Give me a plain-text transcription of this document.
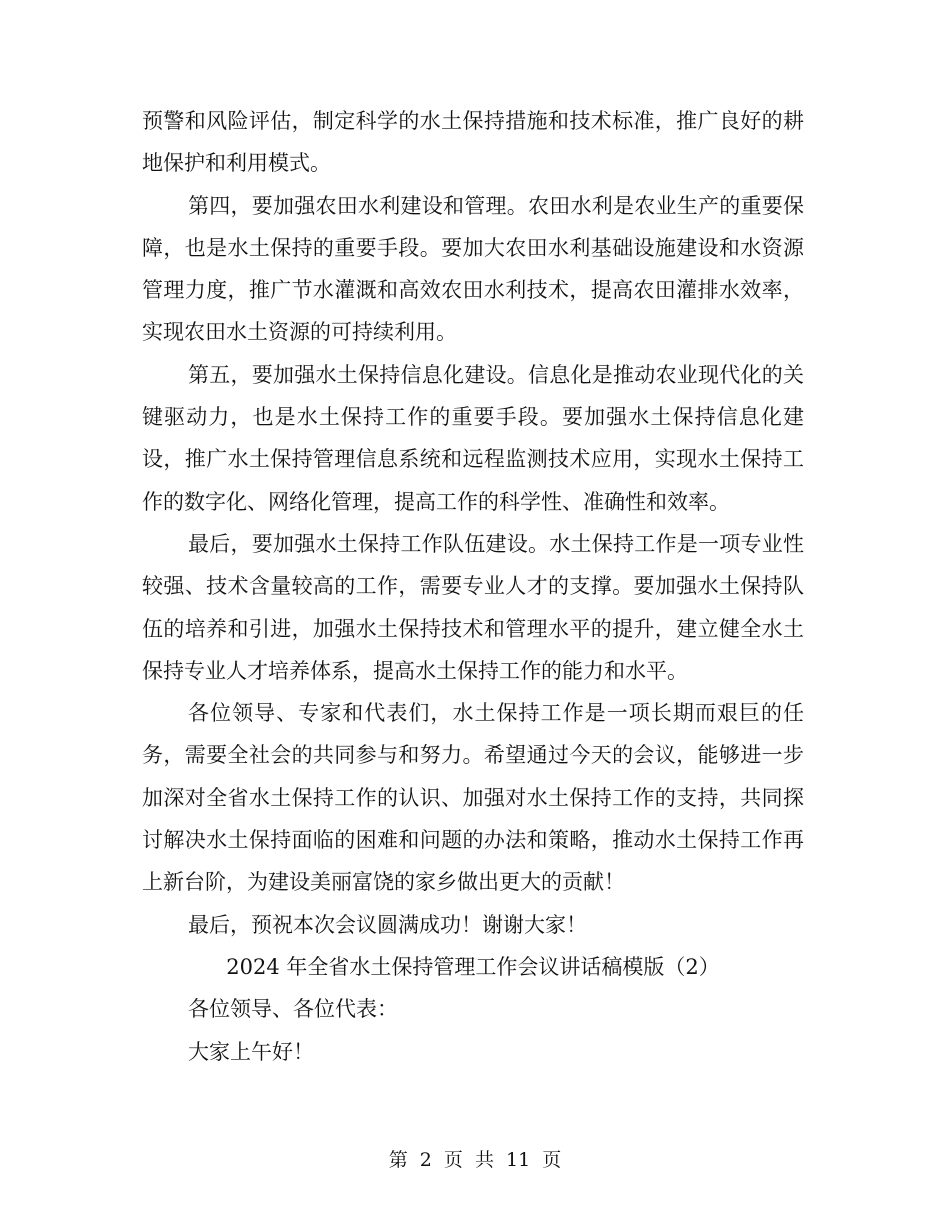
预警和风险评估，制定科学的水土保持措施和技术标准，推广良好的耕地保护和利用模式。

第四，要加强农田水利建设和管理。农田水利是农业生产的重要保障，也是水土保持的重要手段。要加大农田水利基础设施建设和水资源管理力度，推广节水灌溉和高效农田水利技术，提高农田灌排水效率，实现农田水土资源的可持续利用。

第五，要加强水土保持信息化建设。信息化是推动农业现代化的关键驱动力，也是水土保持工作的重要手段。要加强水土保持信息化建设，推广水土保持管理信息系统和远程监测技术应用，实现水土保持工作的数字化、网络化管理，提高工作的科学性、准确性和效率。

最后，要加强水土保持工作队伍建设。水土保持工作是一项专业性较强、技术含量较高的工作，需要专业人才的支撑。要加强水土保持队伍的培养和引进，加强水土保持技术和管理水平的提升，建立健全水土保持专业人才培养体系，提高水土保持工作的能力和水平。

各位领导、专家和代表们，水土保持工作是一项长期而艰巨的任务，需要全社会的共同参与和努力。希望通过今天的会议，能够进一步加深对全省水土保持工作的认识、加强对水土保持工作的支持，共同探讨解决水土保持面临的困难和问题的办法和策略，推动水土保持工作再上新台阶，为建设美丽富饶的家乡做出更大的贡献！

最后，预祝本次会议圆满成功！谢谢大家！

2024 年全省水土保持管理工作会议讲话稿模版（2）

各位领导、各位代表：

大家上午好！

第 2 页 共 11 页
